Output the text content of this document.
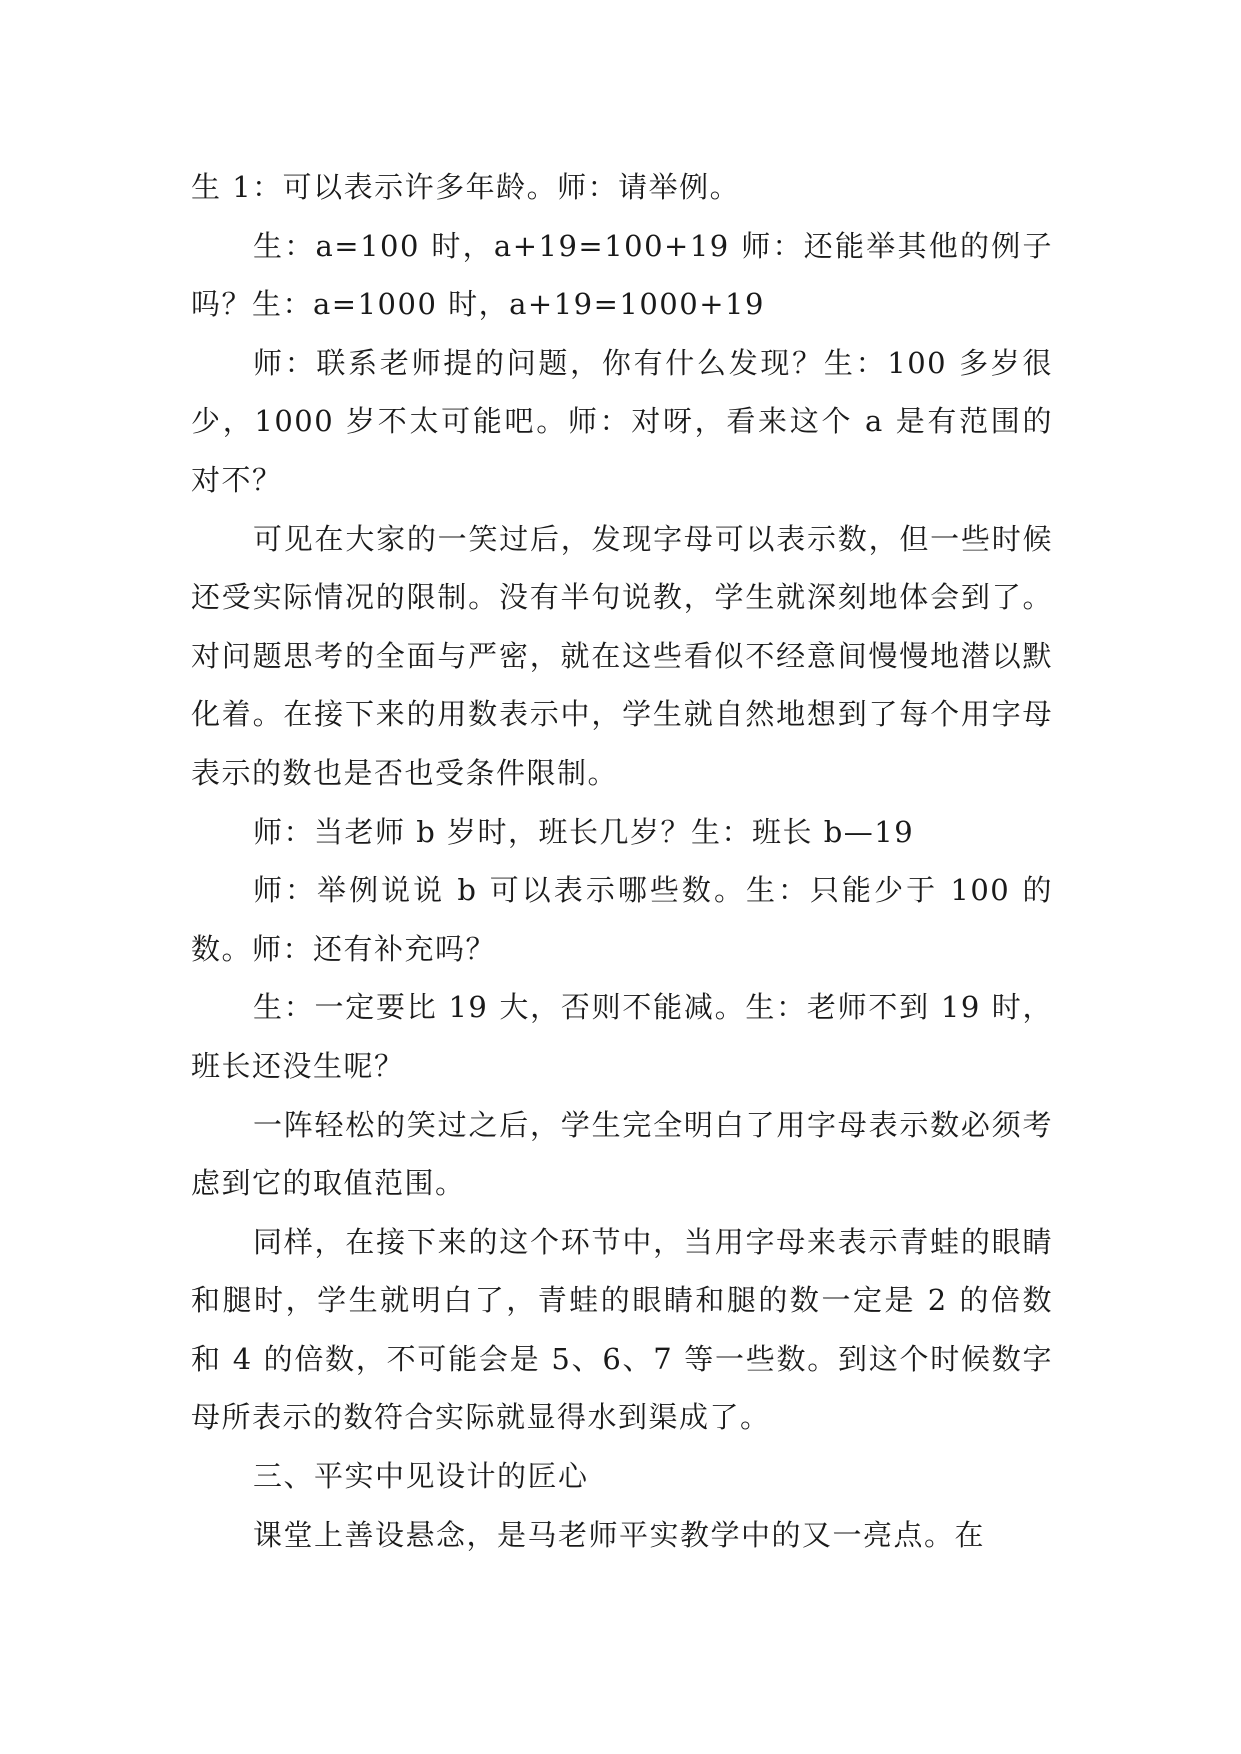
生 1：可以表示许多年龄。师：请举例。

生：a=100 时，a+19=100+19 师：还能举其他的例子吗？生：a=1000 时，a+19=1000+19

师：联系老师提的问题，你有什么发现？生：100 多岁很少，1000 岁不太可能吧。师：对呀，看来这个 a 是有范围的对不？

可见在大家的一笑过后，发现字母可以表示数，但一些时候还受实际情况的限制。没有半句说教，学生就深刻地体会到了。对问题思考的全面与严密，就在这些看似不经意间慢慢地潜以默化着。在接下来的用数表示中，学生就自然地想到了每个用字母表示的数也是否也受条件限制。

师：当老师 b 岁时，班长几岁？生：班长 b—19

师：举例说说 b 可以表示哪些数。生：只能少于 100 的数。师：还有补充吗？

生：一定要比 19 大，否则不能减。生：老师不到 19 时，班长还没生呢？

一阵轻松的笑过之后，学生完全明白了用字母表示数必须考虑到它的取值范围。

同样，在接下来的这个环节中，当用字母来表示青蛙的眼睛和腿时，学生就明白了，青蛙的眼睛和腿的数一定是 2 的倍数和 4 的倍数，不可能会是 5、6、7 等一些数。到这个时候数字母所表示的数符合实际就显得水到渠成了。

三、平实中见设计的匠心

课堂上善设悬念，是马老师平实教学中的又一亮点。在
